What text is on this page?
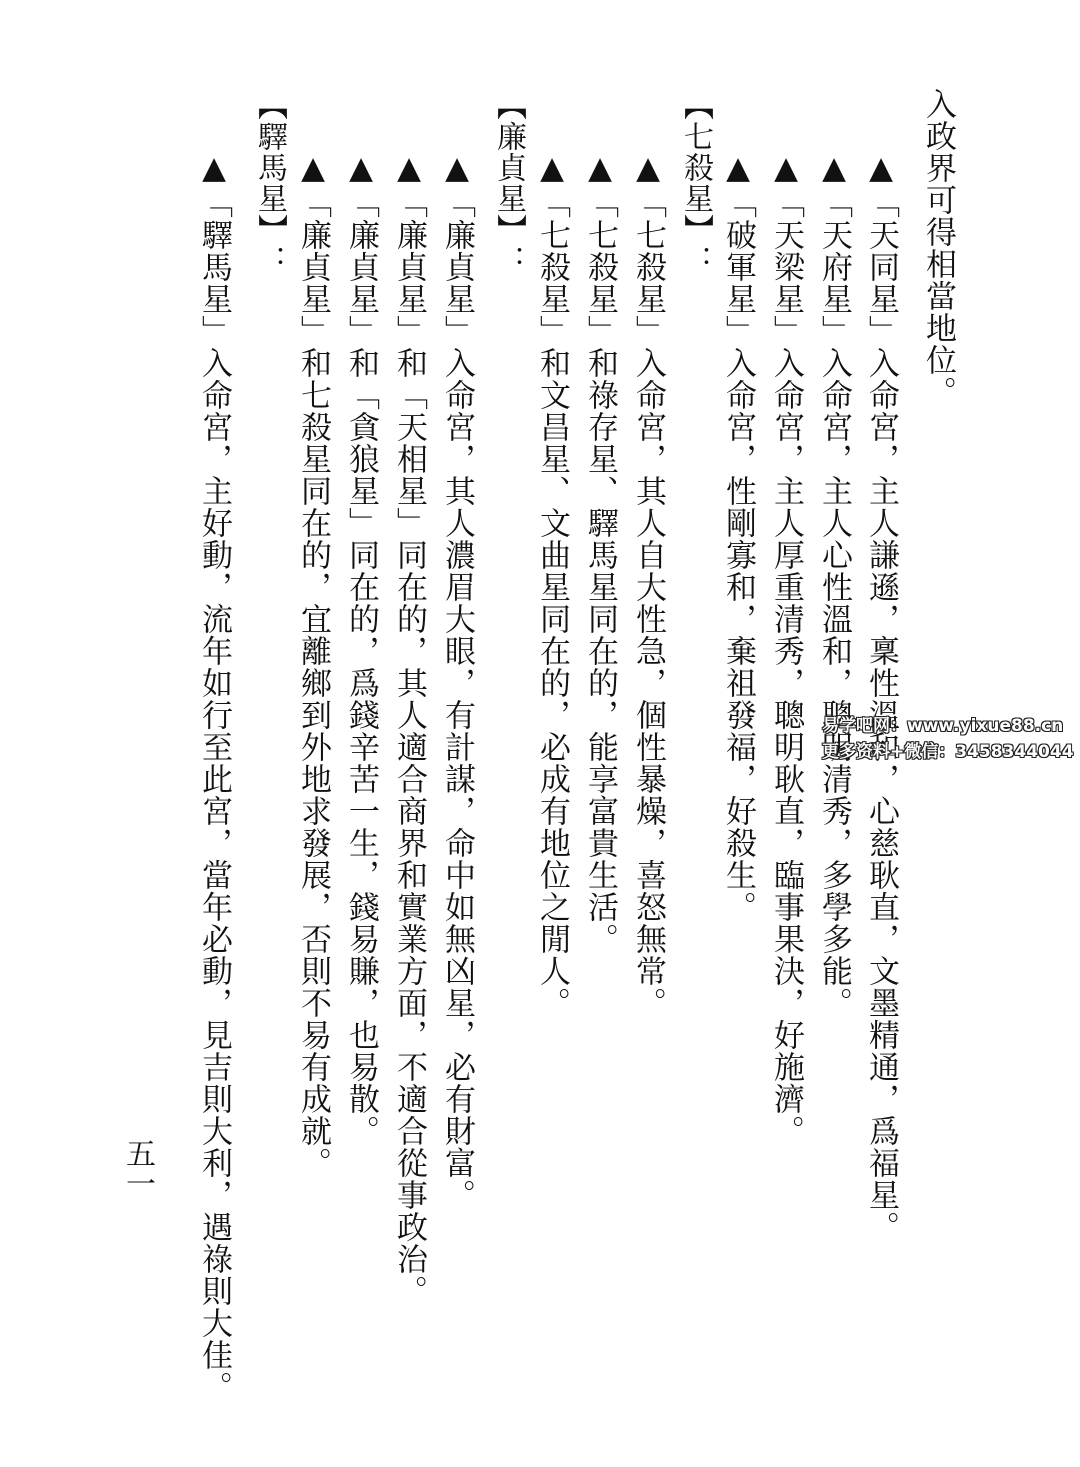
入政界可得相當地位。
▲「天同星」入命宮，主人謙遜，稟性溫和，心慈耿直，文墨精通，爲福星。
▲「天府星」入命宮，主人心性溫和，聰明清秀，多學多能。
▲「天梁星」入命宮，主人厚重清秀，聰明耿直，臨事果決，好施濟。
▲「破軍星」入命宮，性剛寡和，棄祖發福，好殺生。
【七殺星】：
▲「七殺星」入命宮，其人自大性急，個性暴燥，喜怒無常。
▲「七殺星」和祿存星、驛馬星同在的，能享富貴生活。
▲「七殺星」和文昌星、文曲星同在的，必成有地位之閒人。
【廉貞星】：
▲「廉貞星」入命宮，其人濃眉大眼，有計謀，命中如無凶星，必有財富。
▲「廉貞星」和「天相星」同在的，其人適合商界和實業方面，不適合從事政治。
▲「廉貞星」和「貪狼星」同在的，爲錢辛苦一生，錢易賺，也易散。
▲「廉貞星」和七殺星同在的，宜離鄉到外地求發展，否則不易有成就。
【驛馬星】：
▲「驛馬星」入命宮，主好動，流年如行至此宮，當年必動，見吉則大利，遇祿則大佳。
五一
易学吧网：www.yixue88.cn
更多资料+微信：3458344044
